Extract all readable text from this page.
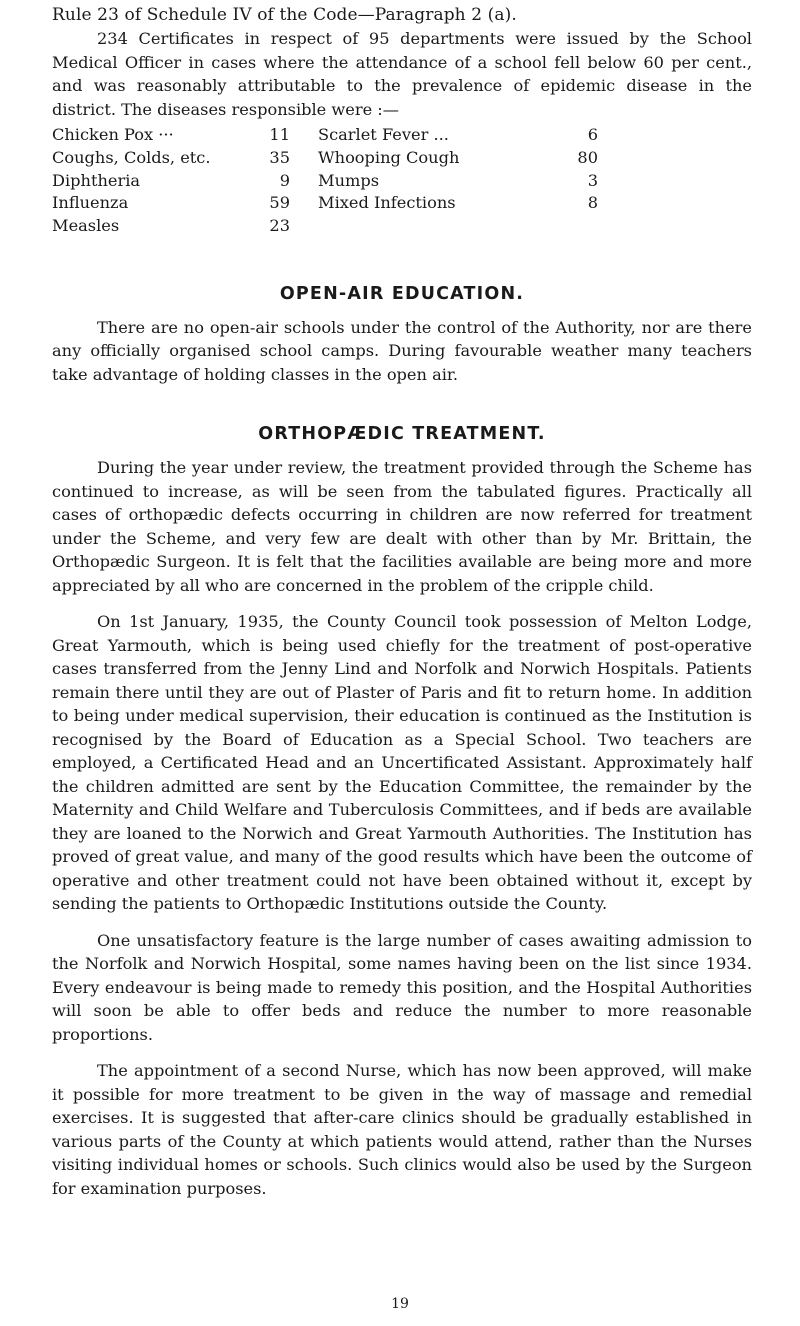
Rule 23 of Schedule IV of the Code—Paragraph 2 (a).

234 Certificates in respect of 95 departments were issued by the School Medical Officer in cases where the attendance of a school fell below 60 per cent., and was reasonably attributable to the prevalence of epidemic disease in the district. The diseases responsible were :—

Chicken Pox ···	11
Coughs, Colds, etc.	35
Diphtheria	9
Influenza	59
Measles	23
Scarlet Fever ...	6
Whooping Cough	80
Mumps	3
Mixed Infections	8
OPEN-AIR EDUCATION.

There are no open-air schools under the control of the Authority, nor are there any officially organised school camps. During favourable weather many teachers take advantage of holding classes in the open air.

ORTHOPÆDIC TREATMENT.

During the year under review, the treatment provided through the Scheme has continued to increase, as will be seen from the tabulated figures. Practically all cases of orthopædic defects occurring in children are now referred for treatment under the Scheme, and very few are dealt with other than by Mr. Brittain, the Orthopædic Surgeon. It is felt that the facilities available are being more and more appreciated by all who are concerned in the problem of the cripple child.

On 1st January, 1935, the County Council took possession of Melton Lodge, Great Yarmouth, which is being used chiefly for the treatment of post-operative cases transferred from the Jenny Lind and Norfolk and Norwich Hospitals. Patients remain there until they are out of Plaster of Paris and fit to return home. In addition to being under medical supervision, their education is continued as the Institution is recognised by the Board of Education as a Special School. Two teachers are employed, a Certificated Head and an Uncertificated Assistant. Approximately half the children admitted are sent by the Education Committee, the remainder by the Maternity and Child Welfare and Tuberculosis Committees, and if beds are available they are loaned to the Norwich and Great Yarmouth Authorities. The Institution has proved of great value, and many of the good results which have been the outcome of operative and other treatment could not have been obtained without it, except by sending the patients to Orthopædic Institutions outside the County.

One unsatisfactory feature is the large number of cases awaiting admission to the Norfolk and Norwich Hospital, some names having been on the list since 1934. Every endeavour is being made to remedy this position, and the Hospital Authorities will soon be able to offer beds and reduce the number to more reasonable proportions.

The appointment of a second Nurse, which has now been approved, will make it possible for more treatment to be given in the way of massage and remedial exercises. It is suggested that after-care clinics should be gradually established in various parts of the County at which patients would attend, rather than the Nurses visiting individual homes or schools. Such clinics would also be used by the Surgeon for examination purposes.

19
